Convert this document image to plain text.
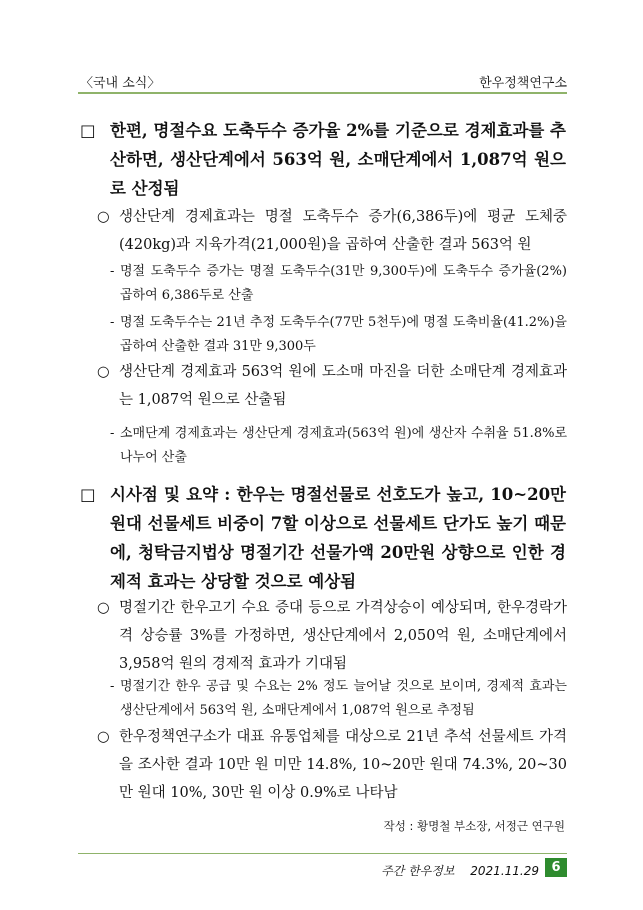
〈국내 소식〉	한우정책연구소
□ 한편, 명절수요 도축두수 증가율 2%를 기준으로 경제효과를 추산하면, 생산단계에서 563억 원, 소매단계에서 1,087억 원으로 산정됨
○ 생산단계 경제효과는 명절 도축두수 증가(6,386두)에 평균 도체중(420kg)과 지육가격(21,000원)을 곱하여 산출한 결과 563억 원
- 명절 도축두수 증가는 명절 도축두수(31만 9,300두)에 도축두수 증가율(2%) 곱하여 6,386두로 산출
- 명절 도축두수는 21년 추정 도축두수(77만 5천두)에 명절 도축비율(41.2%)을 곱하여 산출한 결과 31만 9,300두
○ 생산단계 경제효과 563억 원에 도소매 마진을 더한 소매단계 경제효과는 1,087억 원으로 산출됨
- 소매단계 경제효과는 생산단계 경제효과(563억 원)에 생산자 수취율 51.8%로 나누어 산출
□ 시사점 및 요약 : 한우는 명절선물로 선호도가 높고, 10~20만 원대 선물세트 비중이 7할 이상으로 선물세트 단가도 높기 때문에, 청탁금지법상 명절기간 선물가액 20만원 상향으로 인한 경제적 효과는 상당할 것으로 예상됨
○ 명절기간 한우고기 수요 증대 등으로 가격상승이 예상되며, 한우경락가격 상승률 3%를 가정하면, 생산단계에서 2,050억 원, 소매단계에서 3,958억 원의 경제적 효과가 기대됨
- 명절기간 한우 공급 및 수요는 2% 정도 늘어날 것으로 보이며, 경제적 효과는 생산단계에서 563억 원, 소매단계에서 1,087억 원으로 추정됨
○ 한우정책연구소가 대표 유통업체를 대상으로 21년 추석 선물세트 가격을 조사한 결과 10만 원 미만 14.8%, 10~20만 원대 74.3%, 20~30만 원대 10%, 30만 원 이상 0.9%로 나타남
작성 : 황명철 부소장, 서정근 연구원
주간 한우정보 2021.11.29 6
